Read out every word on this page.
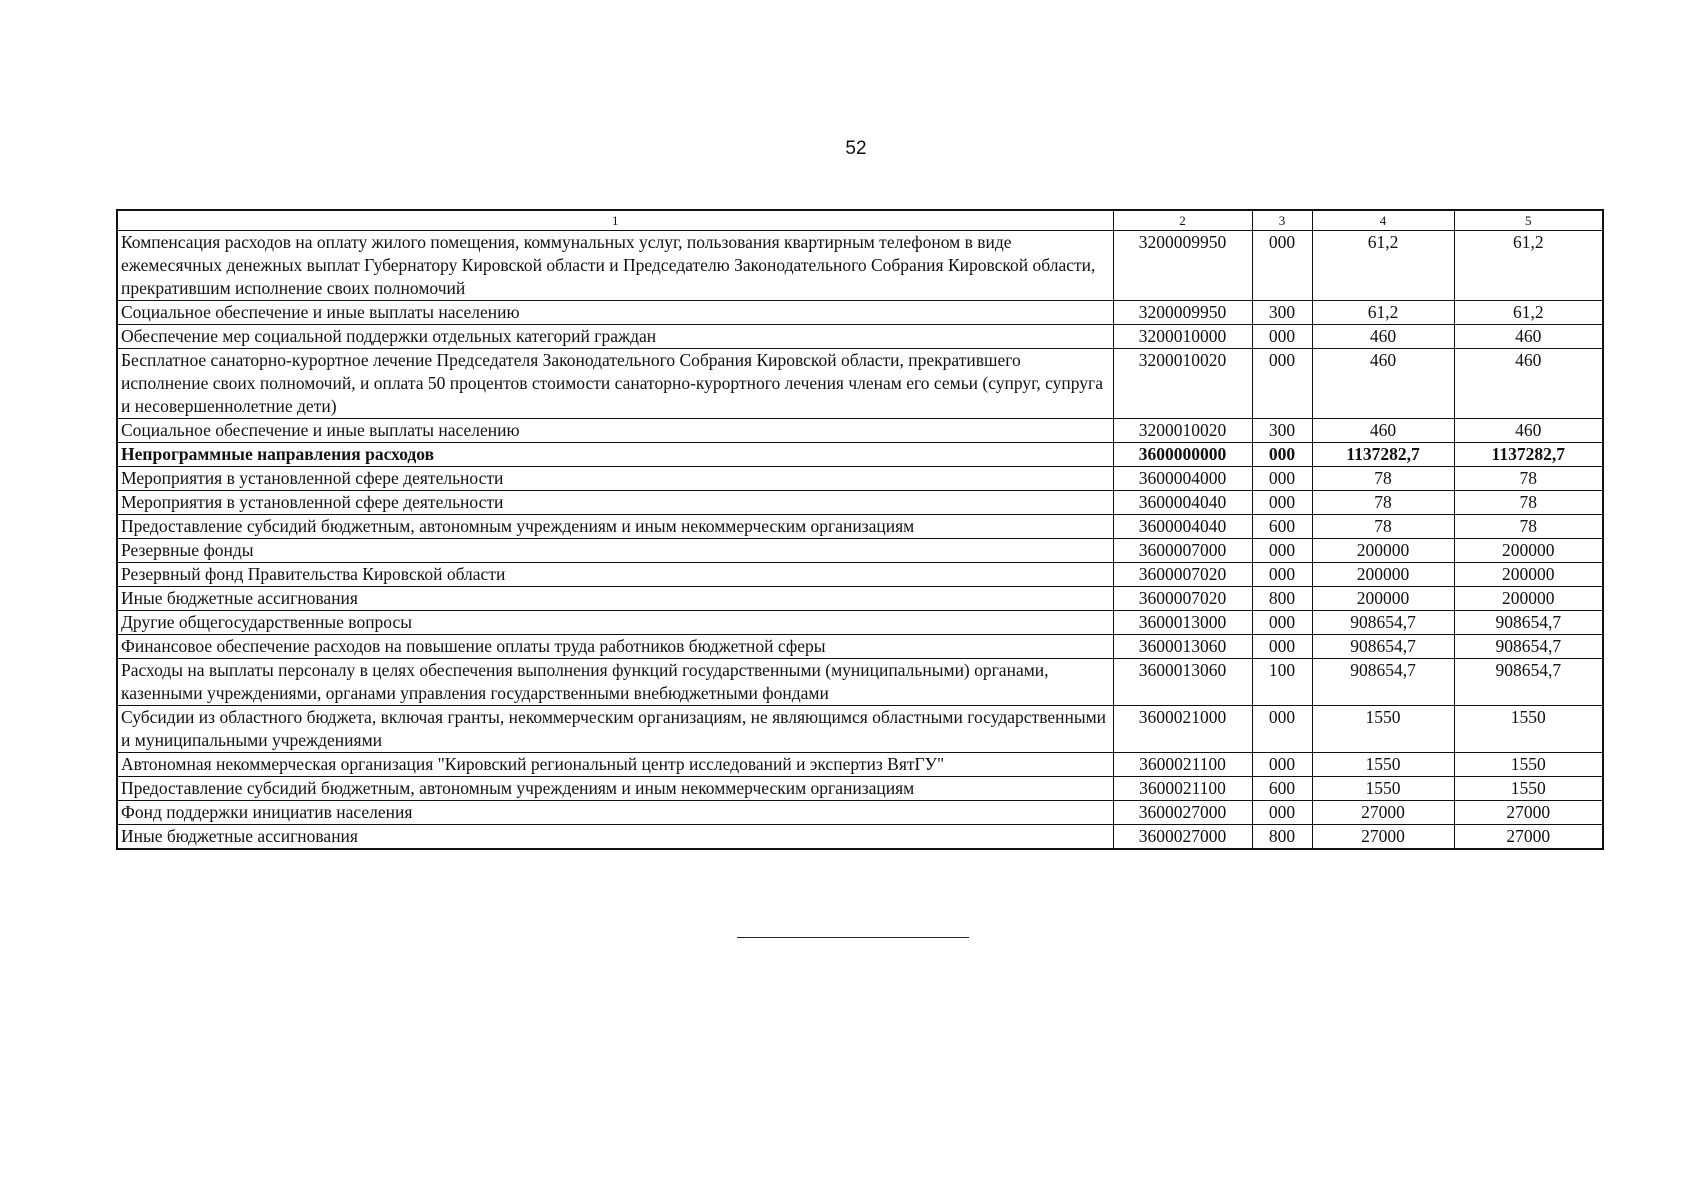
52
1	2	3	4	5
Компенсация расходов на оплату жилого помещения, коммунальных услуг, пользования квартирным телефоном в виде ежемесячных денежных выплат Губернатору Кировской области и Председателю Законодательного Собрания Кировской области, прекратившим исполнение своих полномочий	3200009950	000	61,2	61,2
Социальное обеспечение и иные выплаты населению	3200009950	300	61,2	61,2
Обеспечение мер социальной поддержки отдельных категорий граждан	3200010000	000	460	460
Бесплатное санаторно-курортное лечение Председателя Законодательного Собрания Кировской области, прекратившего исполнение своих полномочий, и оплата 50 процентов стоимости санаторно-курортного лечения членам его семьи (супруг, супруга и несовершеннолетние дети)	3200010020	000	460	460
Социальное обеспечение и иные выплаты населению	3200010020	300	460	460
Непрограммные направления расходов	3600000000	000	1137282,7	1137282,7
Мероприятия в установленной сфере деятельности	3600004000	000	78	78
Мероприятия в установленной сфере деятельности	3600004040	000	78	78
Предоставление субсидий бюджетным, автономным учреждениям и иным некоммерческим организациям	3600004040	600	78	78
Резервные фонды	3600007000	000	200000	200000
Резервный фонд Правительства Кировской области	3600007020	000	200000	200000
Иные бюджетные ассигнования	3600007020	800	200000	200000
Другие общегосударственные вопросы	3600013000	000	908654,7	908654,7
Финансовое обеспечение расходов на повышение оплаты труда работников бюджетной сферы	3600013060	000	908654,7	908654,7
Расходы на выплаты персоналу в целях обеспечения выполнения функций государственными (муниципальными) органами, казенными учреждениями, органами управления государственными внебюджетными фондами	3600013060	100	908654,7	908654,7
Субсидии из областного бюджета, включая гранты, некоммерческим организациям, не являющимся областными государственными и муниципальными учреждениями	3600021000	000	1550	1550
Автономная некоммерческая организация "Кировский региональный центр исследований и экспертиз ВятГУ"	3600021100	000	1550	1550
Предоставление субсидий бюджетным, автономным учреждениям и иным некоммерческим организациям	3600021100	600	1550	1550
Фонд поддержки инициатив населения	3600027000	000	27000	27000
Иные бюджетные ассигнования	3600027000	800	27000	27000
